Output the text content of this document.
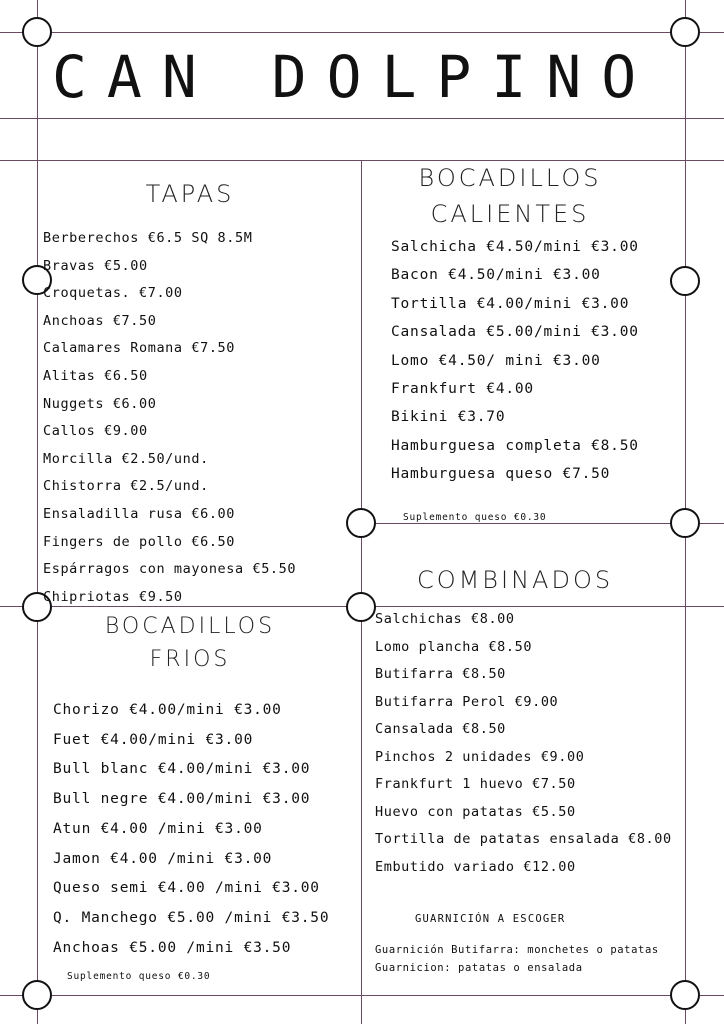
CAN DOLPINO
TAPAS
Berberechos €6.5 SQ 8.5M
Bravas €5.00
Croquetas. €7.00
Anchoas €7.50
Calamares Romana €7.50
Alitas €6.50
Nuggets €6.00
Callos €9.00
Morcilla €2.50/und.
Chistorra €2.5/und.
Ensaladilla rusa €6.00
Fingers de pollo €6.50
Espárragos con mayonesa €5.50
Chipriotas €9.50
BOCADILLOS
CALIENTES
Salchicha €4.50/mini €3.00
Bacon €4.50/mini €3.00
Tortilla €4.00/mini €3.00
Cansalada €5.00/mini €3.00
Lomo €4.50/ mini €3.00
Frankfurt €4.00
Bikini €3.70
Hamburguesa completa €8.50
Hamburguesa queso €7.50
Suplemento queso €0.30
BOCADILLOS
FRIOS
Chorizo €4.00/mini €3.00
Fuet €4.00/mini €3.00
Bull blanc €4.00/mini €3.00
Bull negre €4.00/mini €3.00
Atun €4.00 /mini €3.00
Jamon €4.00 /mini €3.00
Queso semi €4.00 /mini €3.00
Q. Manchego €5.00 /mini €3.50
Anchoas €5.00 /mini €3.50
Suplemento queso €0.30
COMBINADOS
Salchichas €8.00
Lomo plancha €8.50
Butifarra €8.50
Butifarra Perol €9.00
Cansalada €8.50
Pinchos 2 unidades €9.00
Frankfurt 1 huevo €7.50
Huevo con patatas €5.50
Tortilla de patatas ensalada €8.00
Embutido variado €12.00
GUARNICIÓN A ESCOGER
Guarnición Butifarra: monchetes o patatas
Guarnicion: patatas o ensalada
